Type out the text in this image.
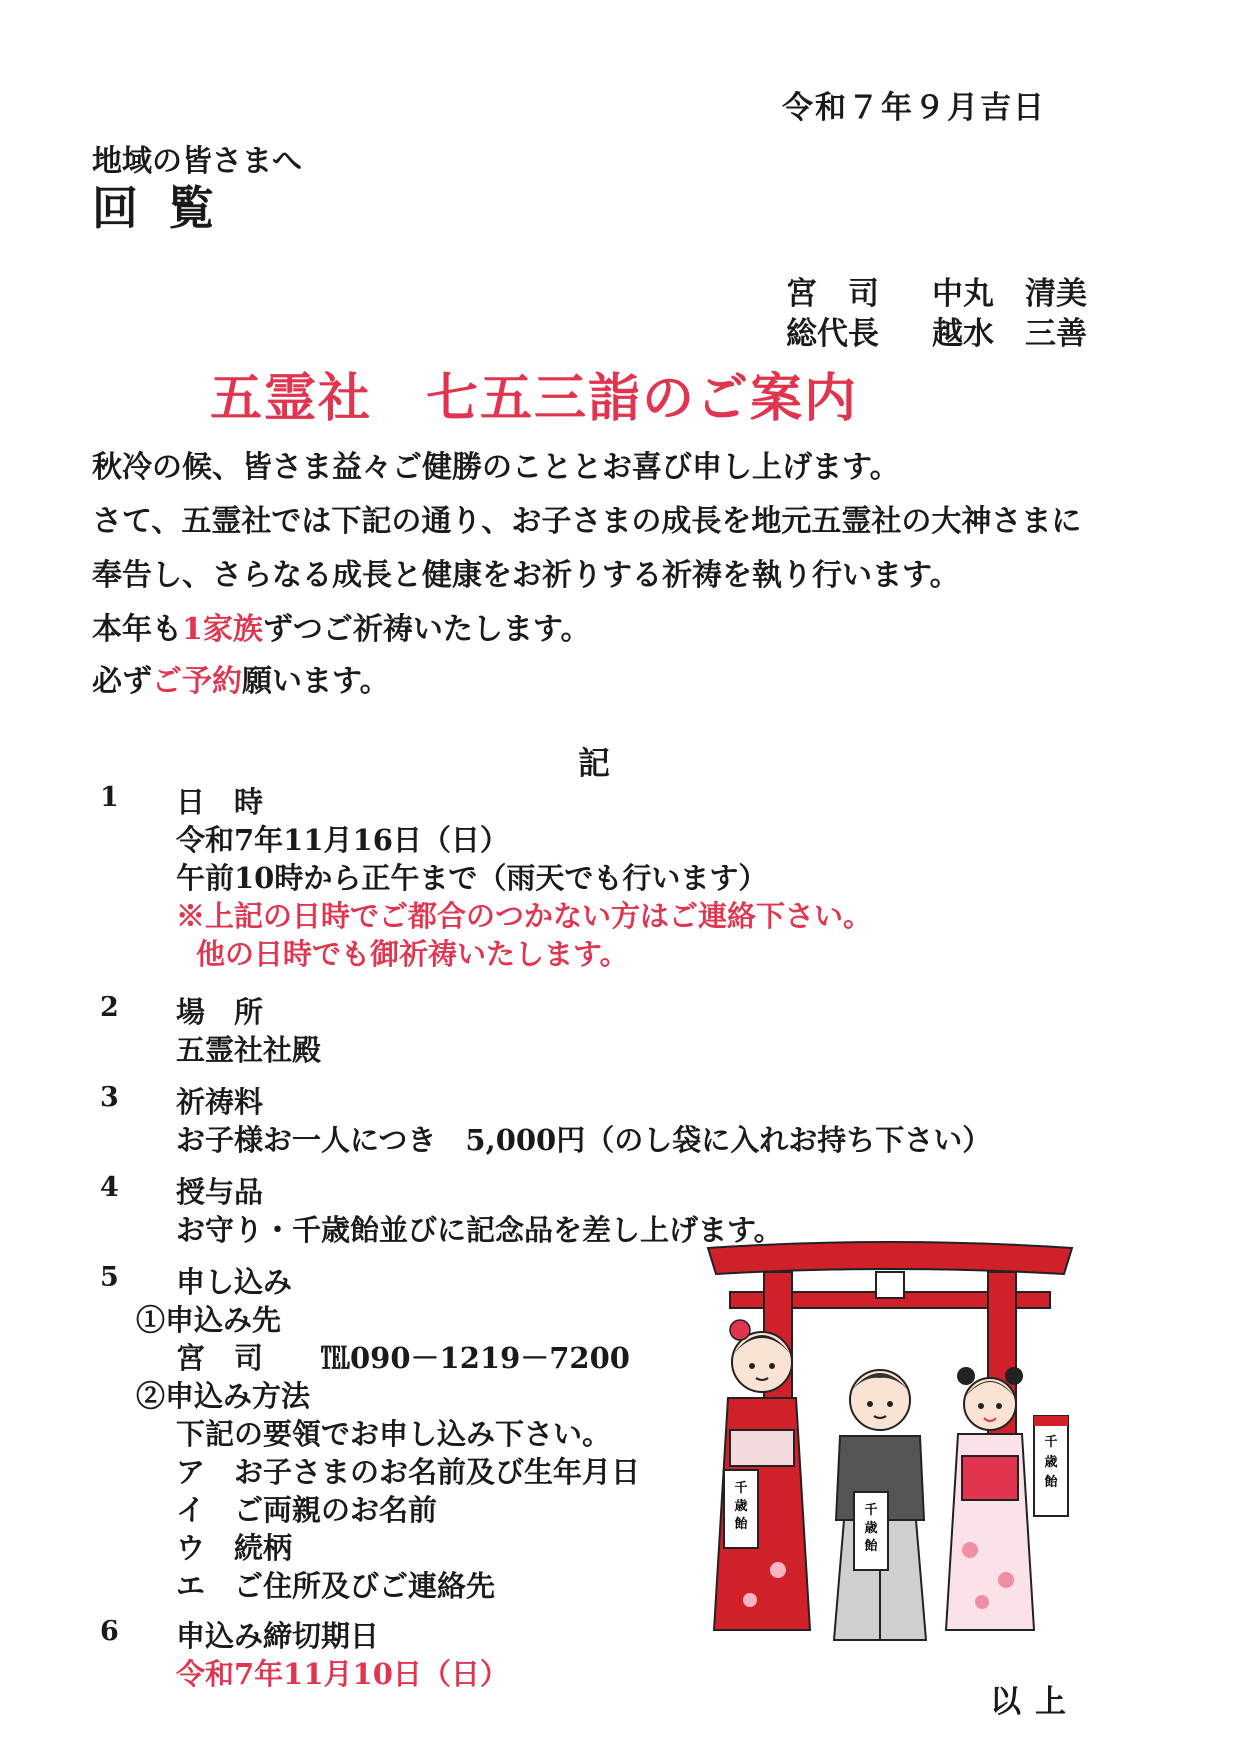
令和７年９月吉日
地域の皆さまへ
回覧
宮　司 中丸　清美
総代長 越水　三善
五霊社　七五三詣のご案内
秋冷の候、皆さま益々ご健勝のこととお喜び申し上げます。
さて、五霊社では下記の通り、お子さまの成長を地元五霊社の大神さまに
奉告し、さらなる成長と健康をお祈りする祈祷を執り行います。
本年も1家族ずつご祈祷いたします。
必ずご予約願います。
記
1 日　時
令和7年11月16日（日）
午前10時から正午まで（雨天でも行います）
※上記の日時でご都合のつかない方はご連絡下さい。
他の日時でも御祈祷いたします。
2 場　所
五霊社社殿
3 祈祷料
お子様お一人につき　5,000円（のし袋に入れお持ち下さい）
4 授与品
お守り・千歳飴並びに記念品を差し上げます。
5 申し込み
①申込み先
宮　司　　℡090－1219－7200
②申込み方法
下記の要領でお申し込み下さい。
ア　お子さまのお名前及び生年月日
イ　ご両親のお名前
ウ　続柄
エ　ご住所及びご連絡先
6 申込み締切期日
令和7年11月10日（日）
以上
千
歳
飴
千
歳
飴
千
歳
飴
